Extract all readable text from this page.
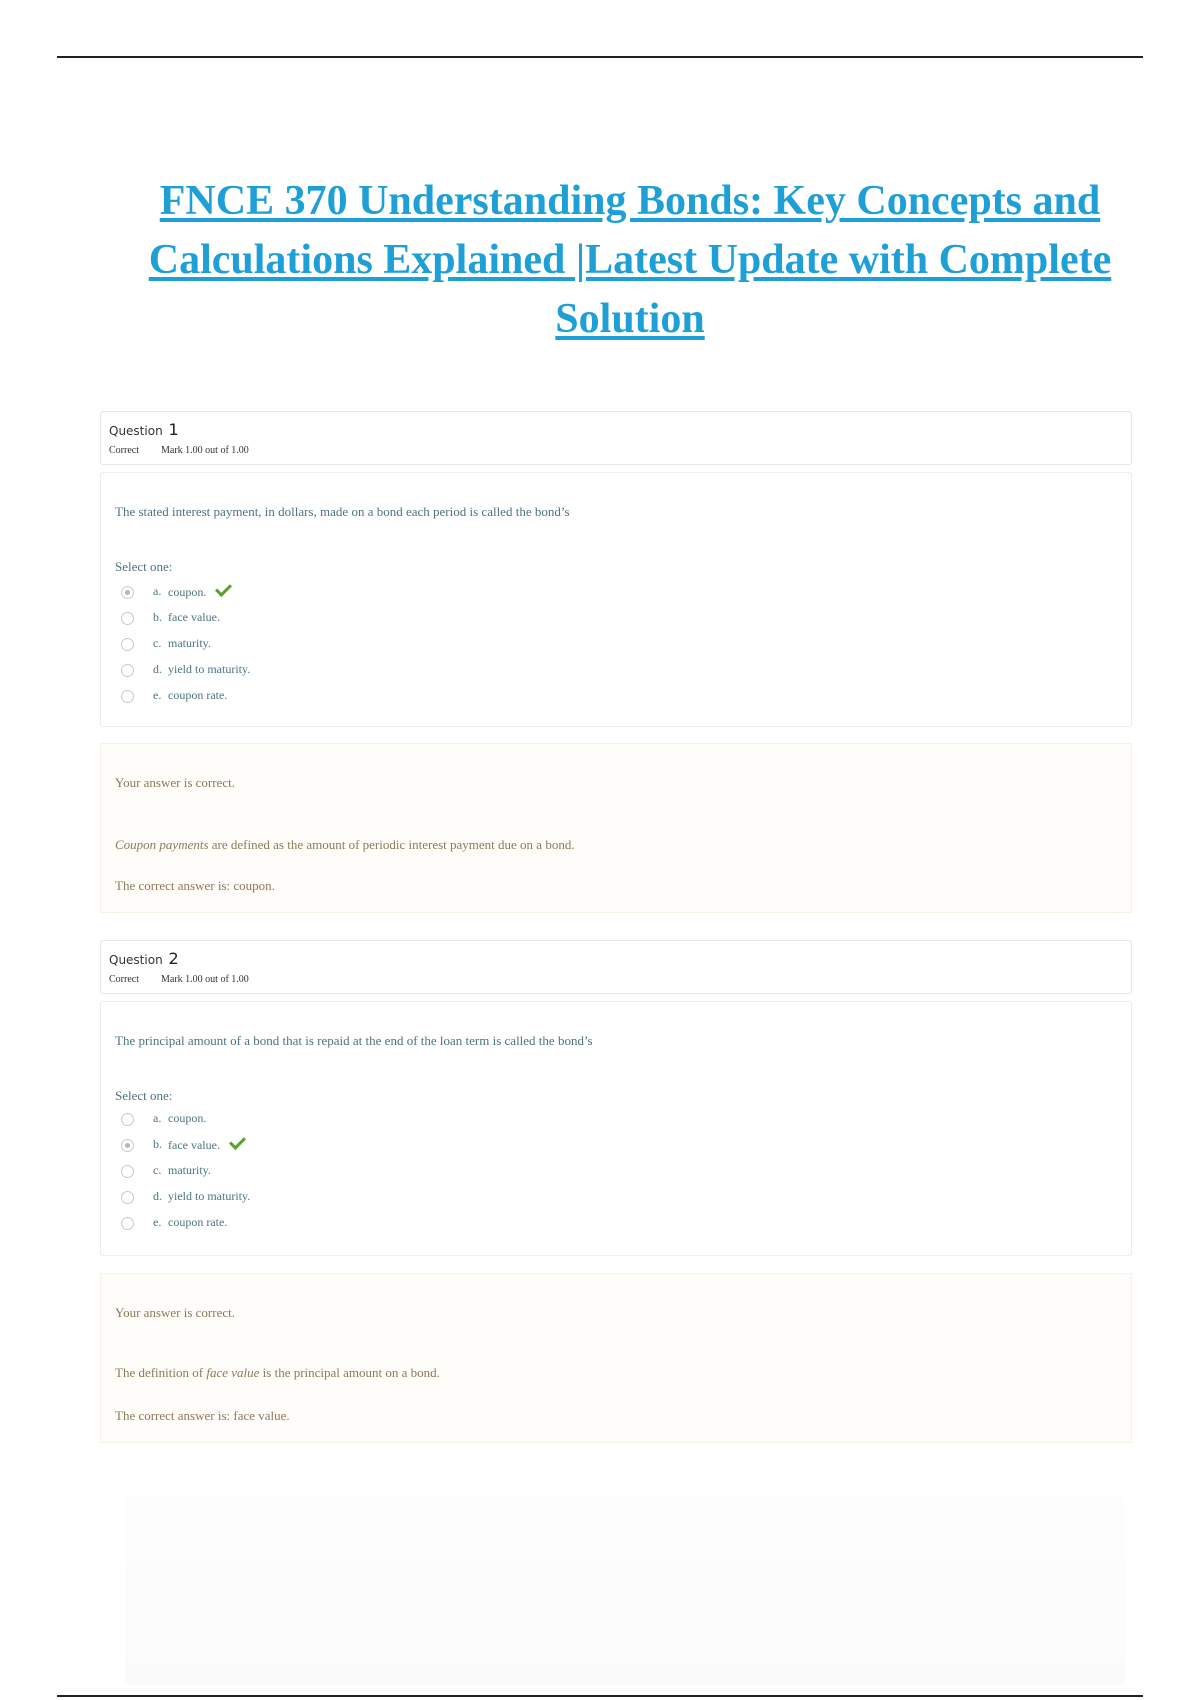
FNCE 370 Understanding Bonds: Key Concepts and Calculations Explained |Latest Update with Complete Solution
Question 1
Correct Mark 1.00 out of 1.00
The stated interest payment, in dollars, made on a bond each period is called the bond’s
Select one:
a. coupon.
b. face value.
c. maturity.
d. yield to maturity.
e. coupon rate.
Your answer is correct.
Coupon payments are defined as the amount of periodic interest payment due on a bond.
The correct answer is: coupon.
Question 2
Correct Mark 1.00 out of 1.00
The principal amount of a bond that is repaid at the end of the loan term is called the bond’s
Select one:
a. coupon.
b. face value.
c. maturity.
d. yield to maturity.
e. coupon rate.
Your answer is correct.
The definition of face value is the principal amount on a bond.
The correct answer is: face value.
